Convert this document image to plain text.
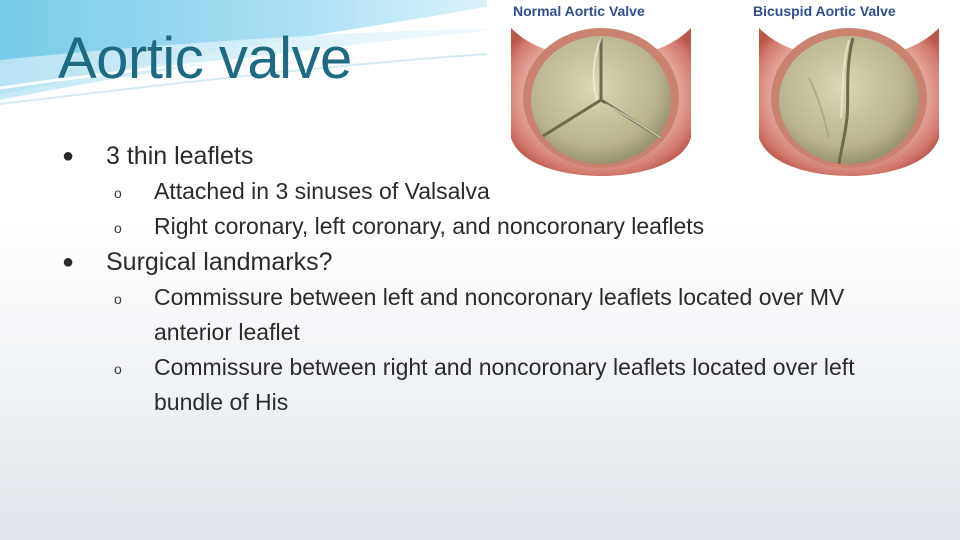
Aortic valve
Normal Aortic Valve	Bicuspid Aortic Valve
● 3 thin leaflets
o Attached in 3 sinuses of Valsalva
o Right coronary, left coronary, and noncoronary leaflets
● Surgical landmarks?
o Commissure between left and noncoronary leaflets located over MV anterior leaflet
o Commissure between right and noncoronary leaflets located over left bundle of His
